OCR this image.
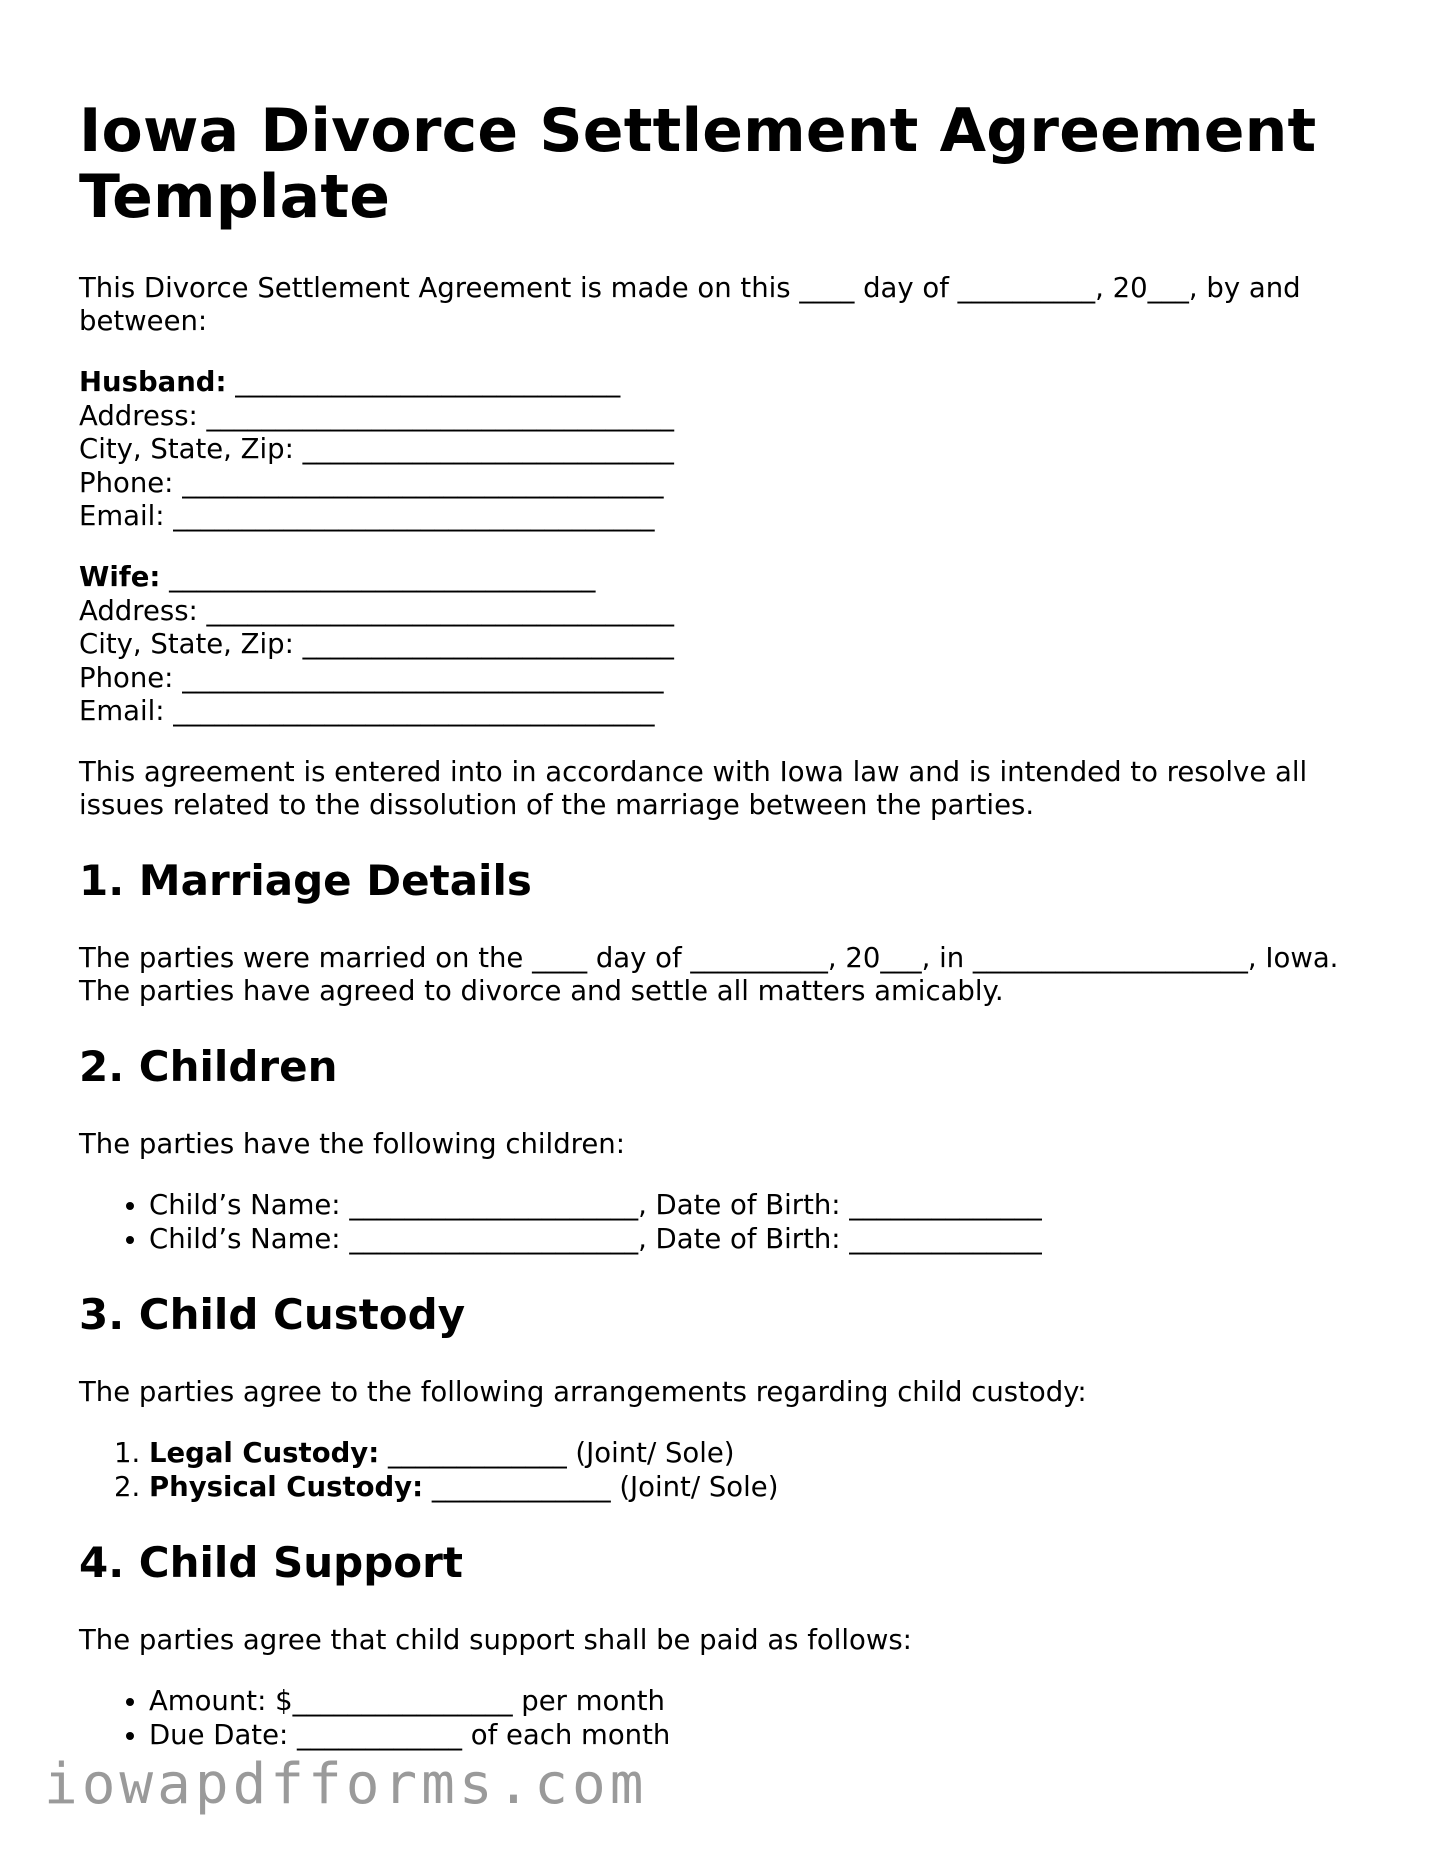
Iowa Divorce Settlement Agreement Template

This Divorce Settlement Agreement is made on this ____ day of __________, 20___, by and between:

Husband: ____________________________
Address: __________________________________
City, State, Zip: ___________________________
Phone: ___________________________________
Email: ___________________________________
Wife: _______________________________
Address: __________________________________
City, State, Zip: ___________________________
Phone: ___________________________________
Email: ___________________________________

This agreement is entered into in accordance with Iowa law and is intended to resolve all issues related to the dissolution of the marriage between the parties.

1. Marriage Details

The parties were married on the ____ day of __________, 20___, in ____________________, Iowa. The parties have agreed to divorce and settle all matters amicably.

2. Children

The parties have the following children:

• Child’s Name: _____________________, Date of Birth: ______________
• Child’s Name: _____________________, Date of Birth: ______________
3. Child Custody

The parties agree to the following arrangements regarding child custody:

1. Legal Custody: _____________ (Joint/ Sole)
2. Physical Custody: _____________ (Joint/ Sole)
4. Child Support

The parties agree that child support shall be paid as follows:

• Amount: $________________ per month
• Due Date: ____________ of each month
iowapdfforms.com
